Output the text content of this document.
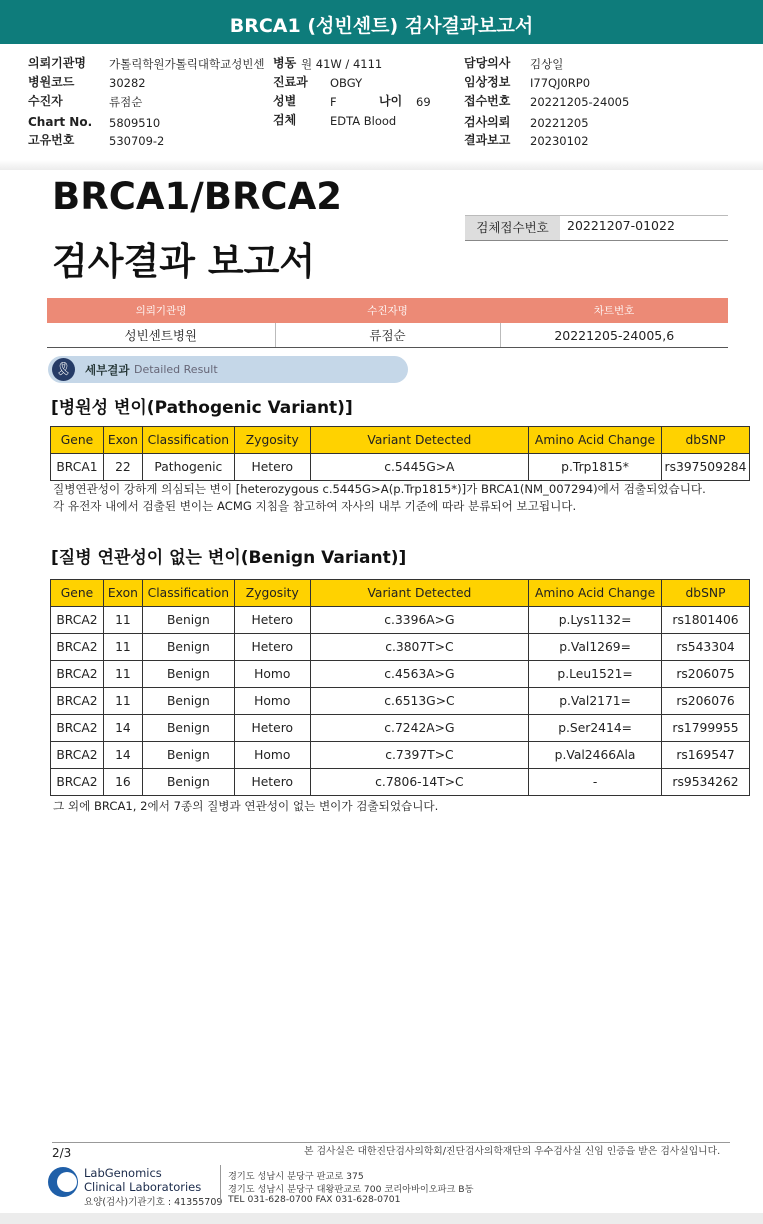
BRCA1 (성빈센트) 검사결과보고서
의뢰기관명 가톨릭학원가톨릭대학교성빈센
병원코드	30282
수진자	류점순
Chart No. 5809510
고유번호	530709-2
병동 원 41W / 4111
진료과 OBGY
성별	F	나이 69
검체	EDTA Blood
담당의사 김상일
임상정보 I77QJ0RP0
접수번호 20221205-24005
검사의뢰 20221205
결과보고 20230102
BRCA1/BRCA2
검사결과 보고서
검체접수번호	20221207-01022
의뢰기관명	수진자명	차트번호
성빈센트병원	류점순	20221205-24005,6
🎗 세부결과 Detailed Result
[병원성 변이(Pathogenic Variant)]
Gene	Exon	Classification	Zygosity	Variant Detected	Amino Acid Change	dbSNP
BRCA1	22	Pathogenic	Hetero	c.5445G>A	p.Trp1815*	rs397509284
질병연관성이 강하게 의심되는 변이 [heterozygous c.5445G>A(p.Trp1815*)]가 BRCA1(NM_007294)에서 검출되었습니다.
각 유전자 내에서 검출된 변이는 ACMG 지침을 참고하여 자사의 내부 기준에 따라 분류되어 보고됩니다.
[질병 연관성이 없는 변이(Benign Variant)]
Gene	Exon	Classification	Zygosity	Variant Detected	Amino Acid Change	dbSNP
BRCA2	11	Benign	Hetero	c.3396A>G	p.Lys1132=	rs1801406
BRCA2	11	Benign	Hetero	c.3807T>C	p.Val1269=	rs543304
BRCA2	11	Benign	Homo	c.4563A>G	p.Leu1521=	rs206075
BRCA2	11	Benign	Homo	c.6513G>C	p.Val2171=	rs206076
BRCA2	14	Benign	Hetero	c.7242A>G	p.Ser2414=	rs1799955
BRCA2	14	Benign	Homo	c.7397T>C	p.Val2466Ala	rs169547
BRCA2	16	Benign	Hetero	c.7806-14T>C	-	rs9534262
그 외에 BRCA1, 2에서 7종의 질병과 연관성이 없는 변이가 검출되었습니다.
2/3	본 검사실은 대한진단검사의학회/진단검사의학재단의 우수검사실 신임 인증을 받은 검사실입니다.
LabGenomics
Clinical Laboratories
요양(검사)기관기호 : 41355709
경기도 성남시 분당구 판교로 375
경기도 성남시 분당구 대왕판교로 700 코리아바이오파크 B동
TEL 031-628-0700 FAX 031-628-0701
